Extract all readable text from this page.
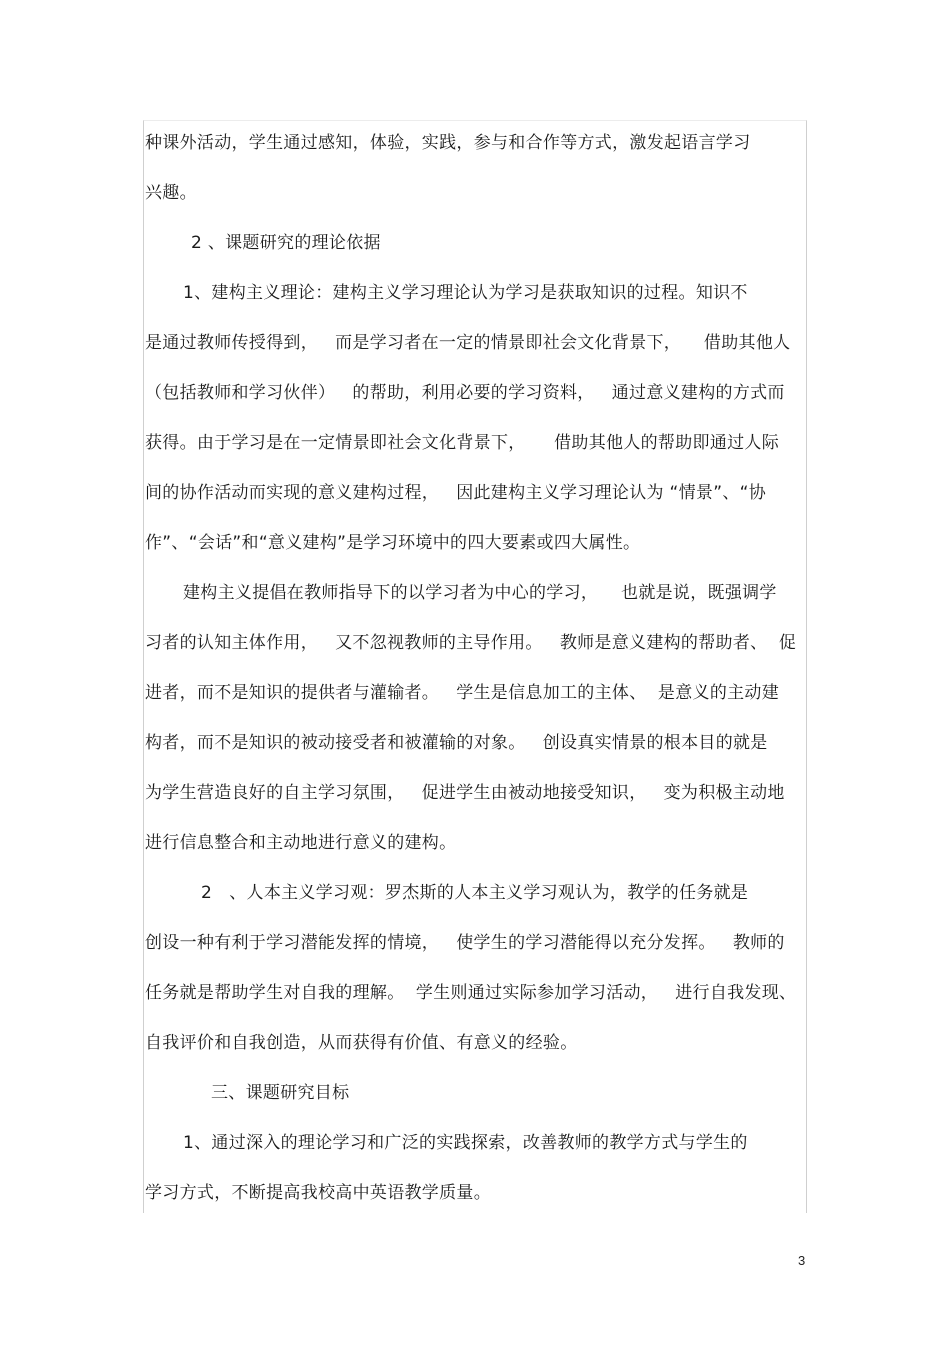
种课外活动，学生通过感知，体验，实践，参与和合作等方式，激发起语言学习
兴趣。
2 、课题研究的理论依据
1、建构主义理论：建构主义学习理论认为学习是获取知识的过程。知识不
是通过教师传授得到，   而是学习者在一定的情景即社会文化背景下，    借助其他人
（包括教师和学习伙伴）   的帮助，利用必要的学习资料，   通过意义建构的方式而
获得。由于学习是在一定情景即社会文化背景下，     借助其他人的帮助即通过人际
间的协作活动而实现的意义建构过程，   因此建构主义学习理论认为 “情景”、“协
作”、“会话”和“意义建构”是学习环境中的四大要素或四大属性。
建构主义提倡在教师指导下的以学习者为中心的学习，    也就是说，既强调学
习者的认知主体作用，   又不忽视教师的主导作用。   教师是意义建构的帮助者、  促
进者，而不是知识的提供者与灌输者。   学生是信息加工的主体、  是意义的主动建
构者，而不是知识的被动接受者和被灌输的对象。   创设真实情景的根本目的就是
为学生营造良好的自主学习氛围，   促进学生由被动地接受知识，   变为积极主动地
进行信息整合和主动地进行意义的建构。
2   、人本主义学习观：罗杰斯的人本主义学习观认为，教学的任务就是
创设一种有利于学习潜能发挥的情境，   使学生的学习潜能得以充分发挥。   教师的
任务就是帮助学生对自我的理解。  学生则通过实际参加学习活动，   进行自我发现、
自我评价和自我创造，从而获得有价值、有意义的经验。
三、课题研究目标
1、通过深入的理论学习和广泛的实践探索，改善教师的教学方式与学生的
学习方式，不断提高我校高中英语教学质量。
3
